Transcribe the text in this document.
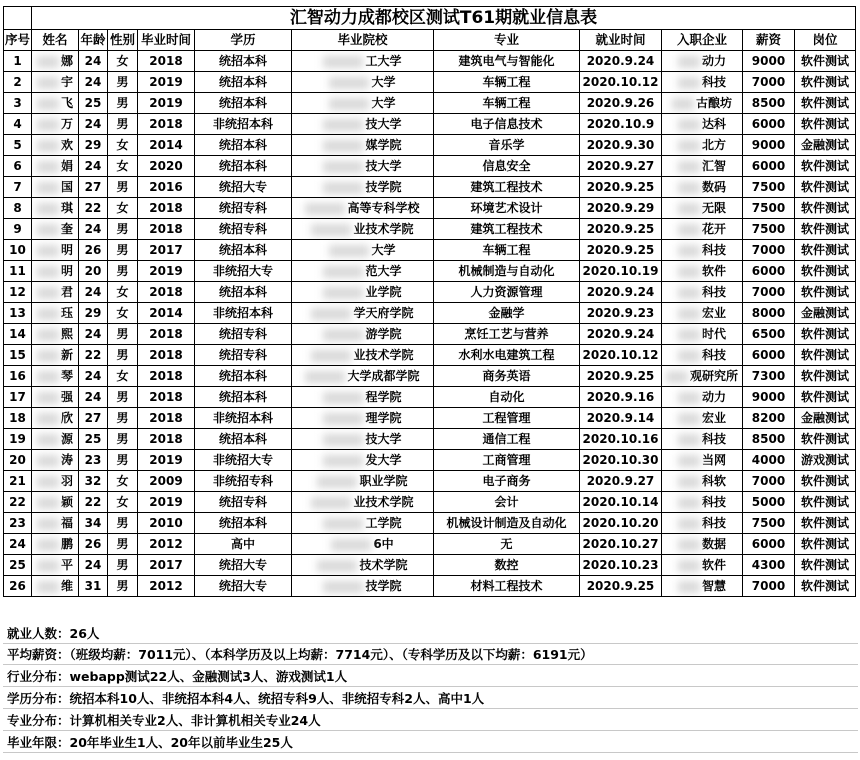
	汇智动力成都校区测试T61期就业信息表										
序号	姓名	年龄	性别	毕业时间	学历	毕业院校	专业	就业时间	入职企业	薪资	岗位
1	娜	24	女	2018	统招本科	工大学	建筑电气与智能化	2020.9.24	动力	9000	软件测试
2	宇	24	男	2019	统招本科	大学	车辆工程	2020.10.12	科技	7000	软件测试
3	飞	25	男	2019	统招本科	大学	车辆工程	2020.9.26	古酿坊	8500	软件测试
4	万	24	男	2018	非统招本科	技大学	电子信息技术	2020.10.9	达科	6000	软件测试
5	欢	29	女	2014	统招本科	媒学院	音乐学	2020.9.30	北方	9000	金融测试
6	娟	24	女	2020	统招本科	技大学	信息安全	2020.9.27	汇智	6000	软件测试
7	国	27	男	2016	统招大专	技学院	建筑工程技术	2020.9.25	数码	7500	软件测试
8	琪	22	女	2018	统招专科	高等专科学校	环境艺术设计	2020.9.29	无限	7500	软件测试
9	奎	24	男	2018	统招专科	业技术学院	建筑工程技术	2020.9.25	花开	7500	软件测试
10	明	26	男	2017	统招本科	大学	车辆工程	2020.9.25	科技	7000	软件测试
11	明	20	男	2019	非统招大专	范大学	机械制造与自动化	2020.10.19	软件	6000	软件测试
12	君	24	女	2018	统招本科	业学院	人力资源管理	2020.9.24	科技	7000	软件测试
13	珏	29	女	2014	非统招本科	学天府学院	金融学	2020.9.23	宏业	8000	金融测试
14	熙	24	男	2018	统招专科	游学院	烹饪工艺与营养	2020.9.24	时代	6500	软件测试
15	新	22	男	2018	统招专科	业技术学院	水利水电建筑工程	2020.10.12	科技	6000	软件测试
16	琴	24	女	2018	统招本科	大学成都学院	商务英语	2020.9.25	观研究所	7300	软件测试
17	强	24	男	2018	统招本科	程学院	自动化	2020.9.16	动力	9000	软件测试
18	欣	27	男	2018	非统招本科	理学院	工程管理	2020.9.14	宏业	8200	金融测试
19	源	25	男	2018	统招本科	技大学	通信工程	2020.10.16	科技	8500	软件测试
20	涛	23	男	2019	非统招大专	发大学	工商管理	2020.10.30	当网	4000	游戏测试
21	羽	32	女	2009	非统招专科	职业学院	电子商务	2020.9.27	科软	7000	软件测试
22	颖	22	女	2019	统招专科	业技术学院	会计	2020.10.14	科技	5000	软件测试
23	福	34	男	2010	统招本科	工学院	机械设计制造及自动化	2020.10.20	科技	7500	软件测试
24	鹏	26	男	2012	高中	6中	无	2020.10.27	数据	6000	软件测试
25	平	24	男	2017	统招大专	技术学院	数控	2020.10.23	软件	4300	软件测试
26	维	31	男	2012	统招大专	技学院	材料工程技术	2020.9.25	智慧	7000	软件测试
就业人数：26人
平均薪资：（班级均薪：7011元）、（本科学历及以上均薪：7714元）、（专科学历及以下均薪：6191元）
行业分布：webapp测试22人、金融测试3人、游戏测试1人
学历分布：统招本科10人、非统招本科4人、统招专科9人、非统招专科2人、高中1人
专业分布：计算机相关专业2人、非计算机相关专业24人
毕业年限：20年毕业生1人、20年以前毕业生25人
